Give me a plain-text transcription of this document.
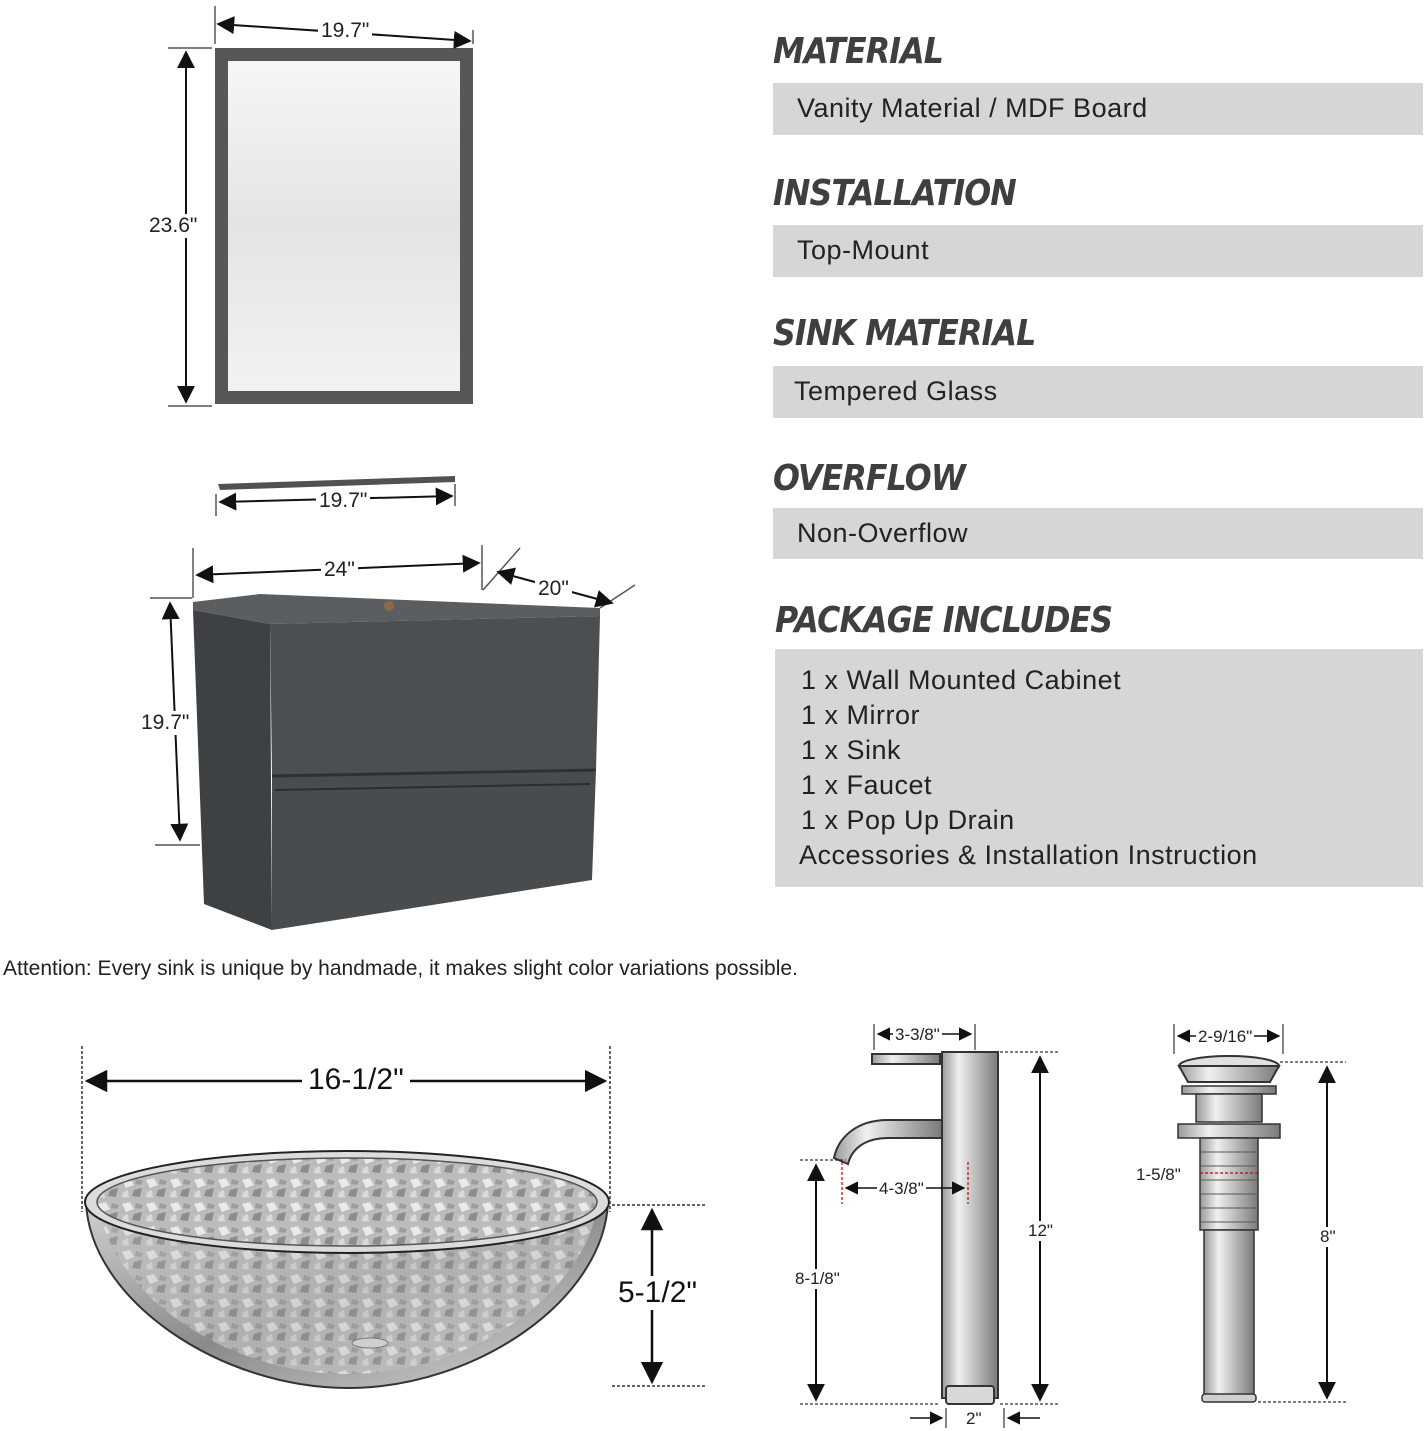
19.7"
23.6"
19.7"
24"
20"
19.7"
16-1/2"
5-1/2"
3-3/8"
4-3/8"
12"
8-1/8"
2"
2-9/16"
1-5/8"
8"
MATERIAL
Vanity Material / MDF Board
INSTALLATION
Top-Mount
SINK MATERIAL
Tempered Glass
OVERFLOW
Non-Overflow
PACKAGE INCLUDES
1 x Wall Mounted Cabinet
1 x Mirror
1 x Sink
1 x Faucet
1 x Pop Up Drain
Accessories & Installation Instruction
Attention: Every sink is unique by handmade, it makes slight color variations possible.
